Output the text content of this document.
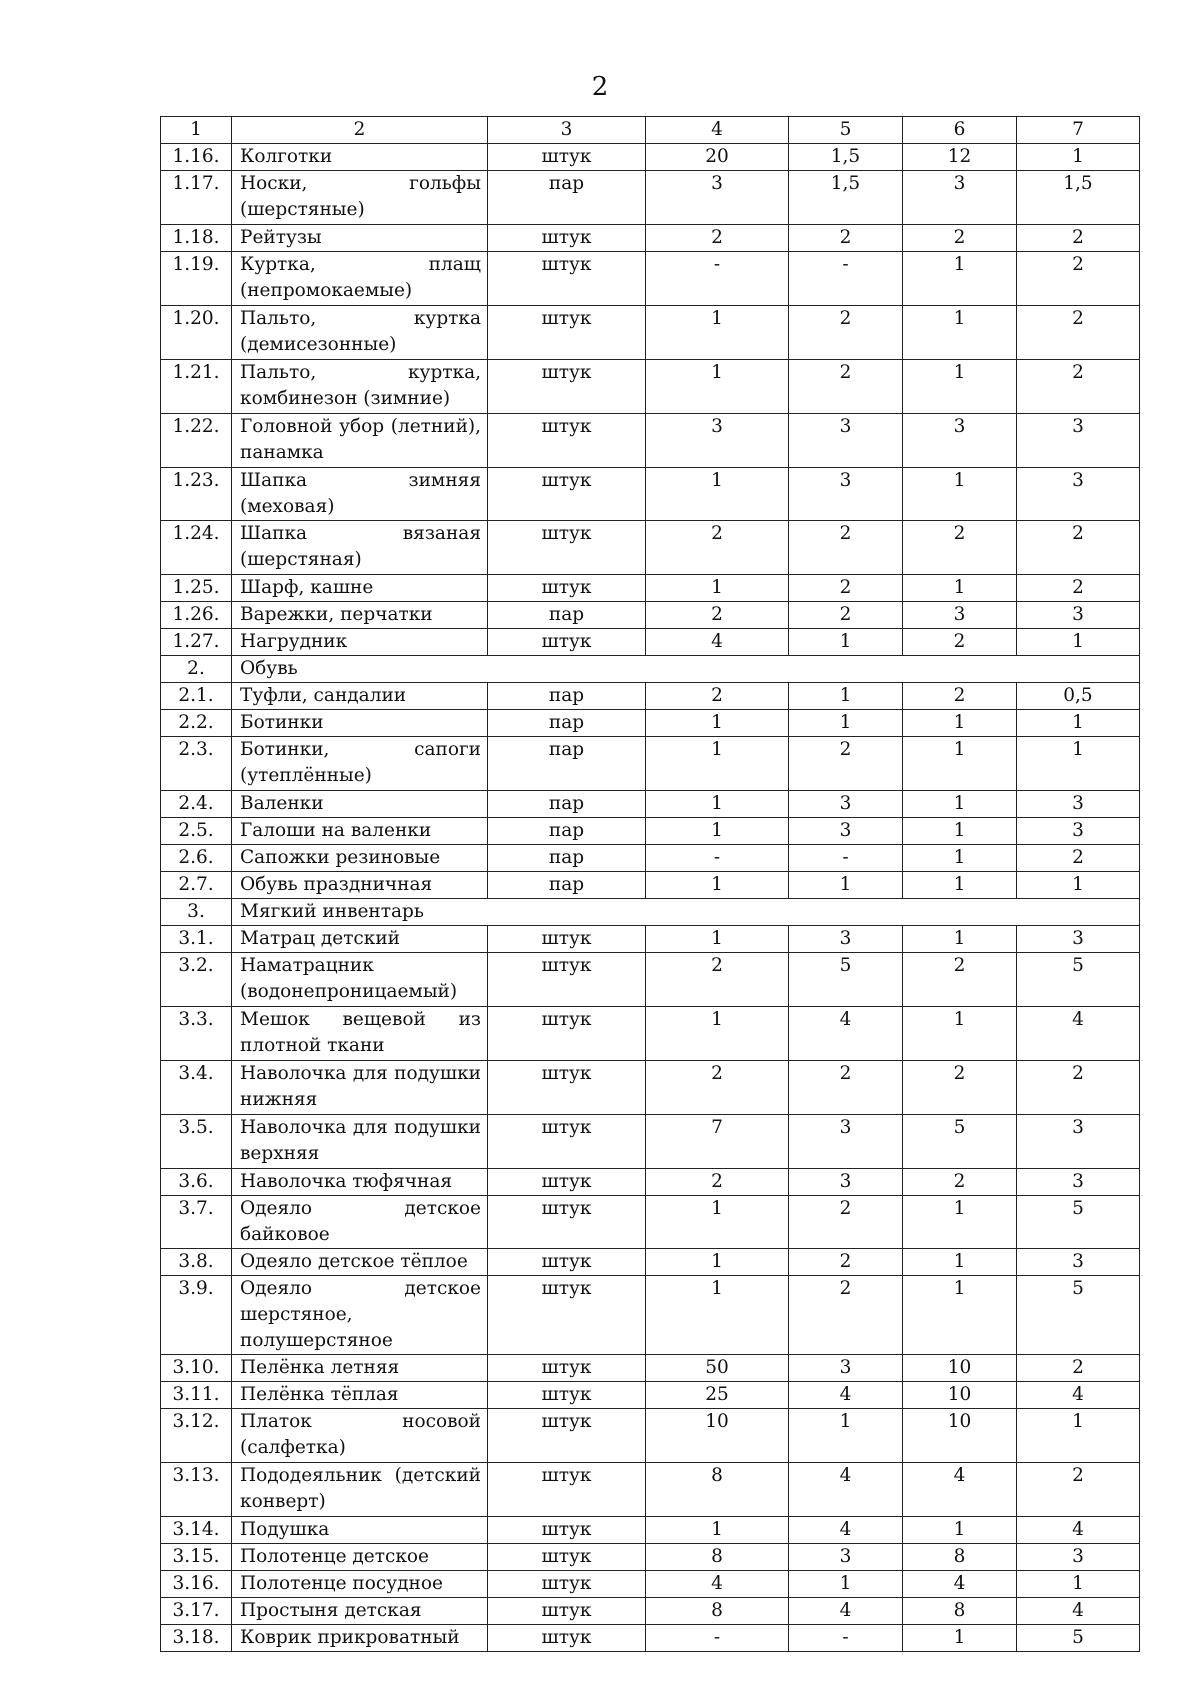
2
1	2	3	4	5	6	7
1.16.	Колготки	штук	20	1,5	12	1
1.17.	Носки, гольфы (шерстяные)	пар	3	1,5	3	1,5
1.18.	Рейтузы	штук	2	2	2	2
1.19.	Куртка, плащ (непромокаемые)	штук	-	-	1	2
1.20.	Пальто, куртка (демисезонные)	штук	1	2	1	2
1.21.	Пальто, куртка, комбинезон (зимние)	штук	1	2	1	2
1.22.	Головной убор (летний), панамка	штук	3	3	3	3
1.23.	Шапка зимняя (меховая)	штук	1	3	1	3
1.24.	Шапка вязаная (шерстяная)	штук	2	2	2	2
1.25.	Шарф, кашне	штук	1	2	1	2
1.26.	Варежки, перчатки	пар	2	2	3	3
1.27.	Нагрудник	штук	4	1	2	1
2.	Обувь					
2.1.	Туфли, сандалии	пар	2	1	2	0,5
2.2.	Ботинки	пар	1	1	1	1
2.3.	Ботинки, сапоги (утеплённые)	пар	1	2	1	1
2.4.	Валенки	пар	1	3	1	3
2.5.	Галоши на валенки	пар	1	3	1	3
2.6.	Сапожки резиновые	пар	-	-	1	2
2.7.	Обувь праздничная	пар	1	1	1	1
3.	Мягкий инвентарь					
3.1.	Матрац детский	штук	1	3	1	3
3.2.	Наматрацник (водонепроницаемый)	штук	2	5	2	5
3.3.	Мешок вещевой из плотной ткани	штук	1	4	1	4
3.4.	Наволочка для подушки нижняя	штук	2	2	2	2
3.5.	Наволочка для подушки верхняя	штук	7	3	5	3
3.6.	Наволочка тюфячная	штук	2	3	2	3
3.7.	Одеяло детское байковое	штук	1	2	1	5
3.8.	Одеяло детское тёплое	штук	1	2	1	3
3.9.	Одеяло детское шерстяное, полушерстяное	штук	1	2	1	5
3.10.	Пелёнка летняя	штук	50	3	10	2
3.11.	Пелёнка тёплая	штук	25	4	10	4
3.12.	Платок носовой (салфетка)	штук	10	1	10	1
3.13.	Пододеяльник (детский конверт)	штук	8	4	4	2
3.14.	Подушка	штук	1	4	1	4
3.15.	Полотенце детское	штук	8	3	8	3
3.16.	Полотенце посудное	штук	4	1	4	1
3.17.	Простыня детская	штук	8	4	8	4
3.18.	Коврик прикроватный	штук	-	-	1	5
